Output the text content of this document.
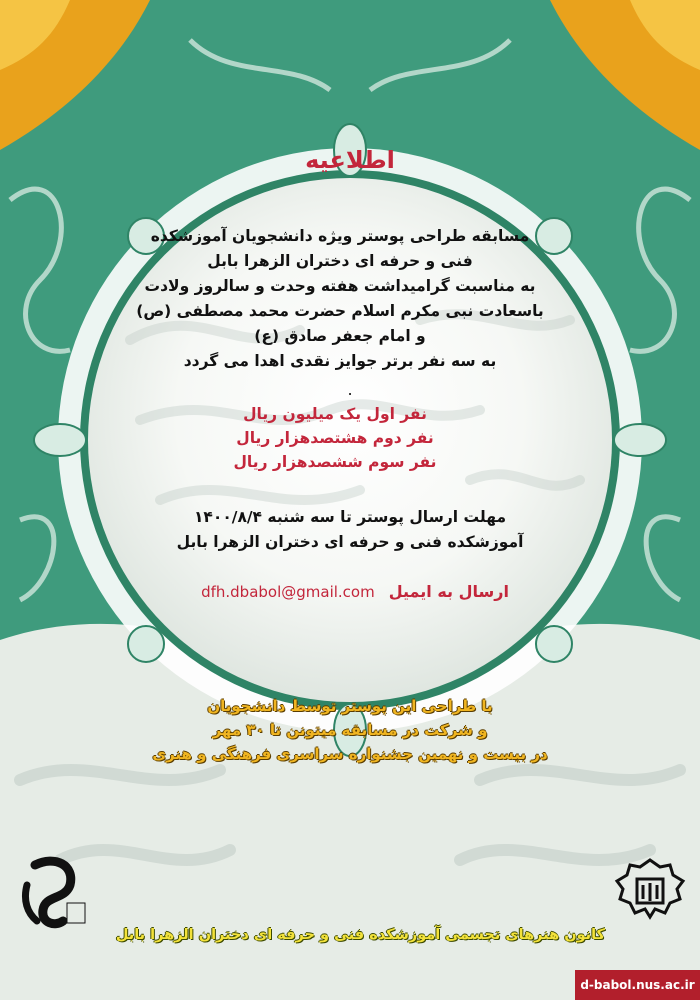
اطلاعیه
مسابقه طراحی پوستر ویژه دانشجویان آموزشکده
فنی و حرفه ای دختران الزهرا بابل
به مناسبت گرامیداشت هفته وحدت و سالروز ولادت
باسعادت نبی مکرم اسلام حضرت محمد مصطفی (ص)
و امام جعفر صادق (ع)
به سه نفر برتر جوایز نقدی اهدا می گردد
.
نفر اول یک میلیون ریال
نفر دوم هشتصدهزار ریال
نفر سوم ششصدهزار ریال
مهلت ارسال پوستر تا سه شنبه ۱۴۰۰/۸/۴
آموزشکده فنی و حرفه ای دختران الزهرا بابل
ارسال به ایمیل
dfh.dbabol@gmail.com
با طراحی این پوستر توسط دانشجویان
و شرکت در مسابقه میتونن تا ۳۰ مهر
در بیست و نهمین جشنواره سراسری فرهنگی و هنری
کانون هنرهای تجسمی آموزشکده فنی و حرفه ای دختران الزهرا بابل
d-babol.nus.ac.ir
